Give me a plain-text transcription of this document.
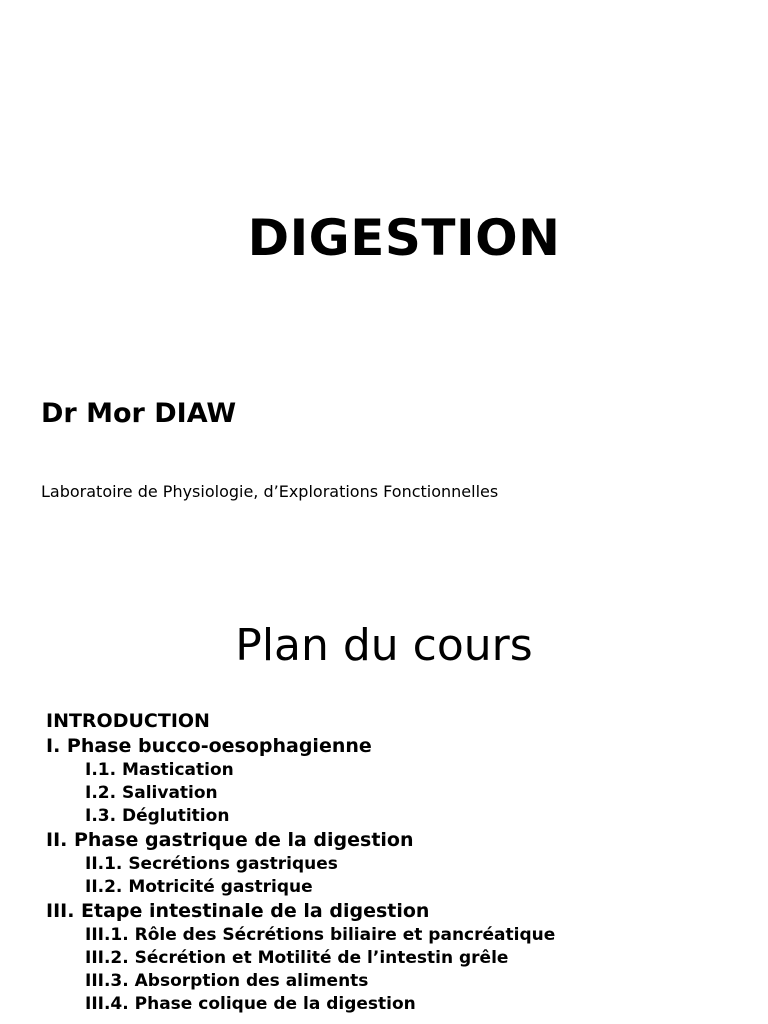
DIGESTION
Dr Mor DIAW
Laboratoire de Physiologie, d’Explorations Fonctionnelles
Plan du cours
INTRODUCTION
I. Phase bucco-oesophagienne
I.1. Mastication
I.2. Salivation
I.3. Déglutition
II. Phase gastrique de la digestion
II.1. Secrétions gastriques
II.2. Motricité gastrique
III. Etape intestinale de la digestion
III.1. Rôle des Sécrétions biliaire et pancréatique
III.2. Sécrétion et Motilité de l’intestin grêle
III.3. Absorption des aliments
III.4. Phase colique de la digestion
